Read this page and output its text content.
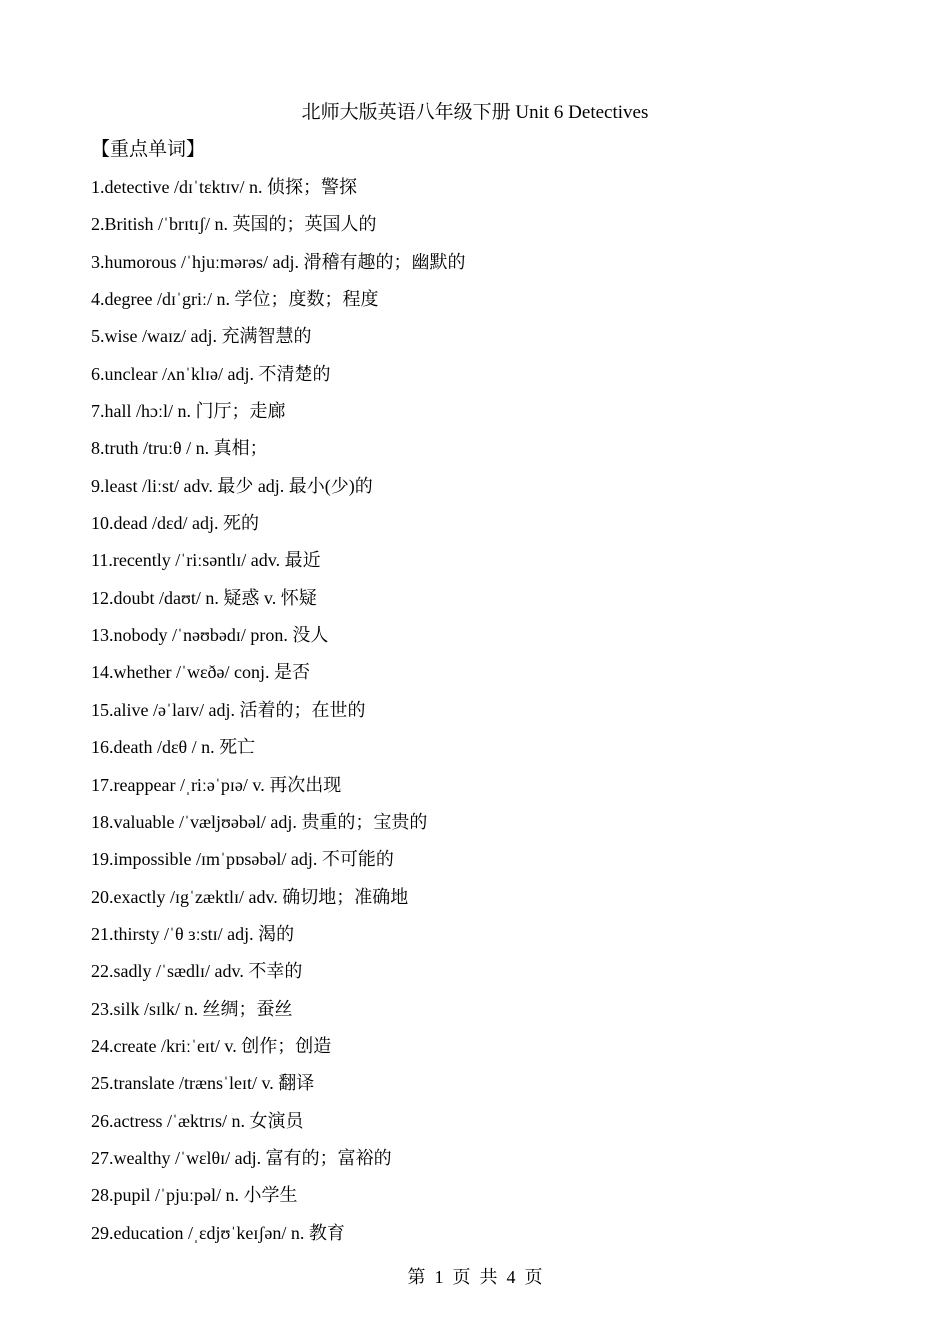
北师大版英语八年级下册 Unit 6 Detectives
【重点单词】
1.detective /dɪˈtɛktɪv/ n. 侦探；警探
2.British /ˈbrɪtɪʃ/ n. 英国的；英国人的
3.humorous /ˈhjuːmərəs/ adj. 滑稽有趣的；幽默的
4.degree /dɪˈgriː/ n. 学位；度数；程度
5.wise /waɪz/ adj. 充满智慧的
6.unclear /ʌnˈklɪə/ adj. 不清楚的
7.hall /hɔːl/ n. 门厅；走廊
8.truth /truːθ / n. 真相；
9.least /liːst/ adv. 最少 adj. 最小(少)的
10.dead /dɛd/ adj. 死的
11.recently /ˈriːsəntlɪ/ adv. 最近
12.doubt /daʊt/ n. 疑惑 v. 怀疑
13.nobody /ˈnəʊbədɪ/ pron. 没人
14.whether /ˈwɛðə/ conj. 是否
15.alive /əˈlaɪv/ adj. 活着的；在世的
16.death /dɛθ / n. 死亡
17.reappear /ˌriːəˈpɪə/ v. 再次出现
18.valuable /ˈvæljʊəbəl/ adj. 贵重的；宝贵的
19.impossible /ɪmˈpɒsəbəl/ adj. 不可能的
20.exactly /ɪgˈzæktlɪ/ adv. 确切地；准确地
21.thirsty /ˈθ ɜːstɪ/ adj. 渴的
22.sadly /ˈsædlɪ/ adv. 不幸的
23.silk /sɪlk/ n. 丝绸；蚕丝
24.create /kriːˈeɪt/ v. 创作；创造
25.translate /trænsˈleɪt/ v. 翻译
26.actress /ˈæktrɪs/ n. 女演员
27.wealthy /ˈwɛlθɪ/ adj. 富有的；富裕的
28.pupil /ˈpjuːpəl/ n. 小学生
29.education /ˌɛdjʊˈkeɪʃən/ n. 教育
第  1  页  共  4  页
